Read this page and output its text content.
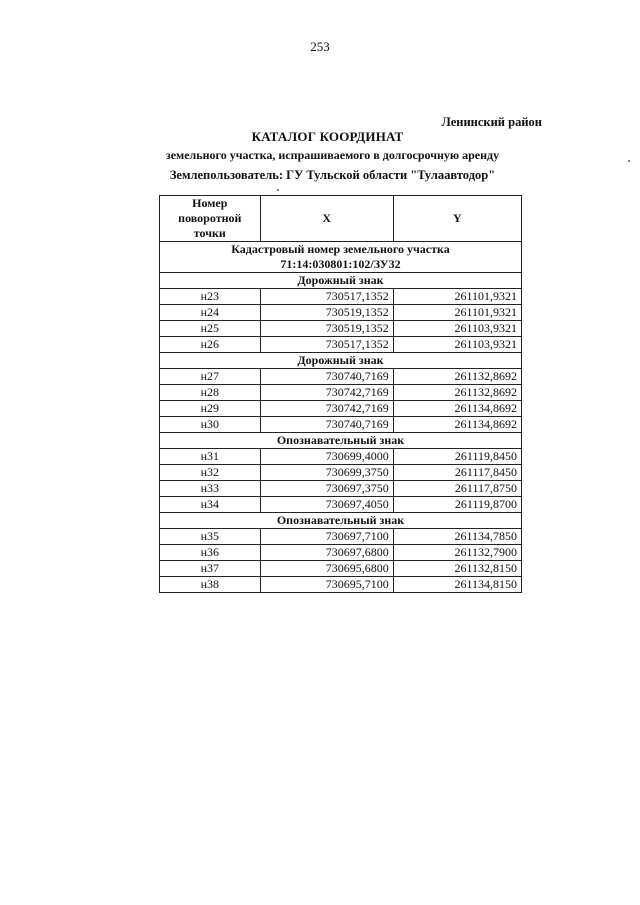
253
Ленинский район
КАТАЛОГ КООРДИНАТ
земельного участка, испрашиваемого в долгосрочную аренду
Землепользователь: ГУ Тульской области "Тулаавтодор"
Номер поворотной точки	X	Y
Кадастровый номер земельного участка
71:14:030801:102/ЗУ32		
Дорожный знак		
н23	730517,1352	261101,9321
н24	730519,1352	261101,9321
н25	730519,1352	261103,9321
н26	730517,1352	261103,9321
Дорожный знак		
н27	730740,7169	261132,8692
н28	730742,7169	261132,8692
н29	730742,7169	261134,8692
н30	730740,7169	261134,8692
Опознавательный знак		
н31	730699,4000	261119,8450
н32	730699,3750	261117,8450
н33	730697,3750	261117,8750
н34	730697,4050	261119,8700
Опознавательный знак		
н35	730697,7100	261134,7850
н36	730697,6800	261132,7900
н37	730695,6800	261132,8150
н38	730695,7100	261134,8150
